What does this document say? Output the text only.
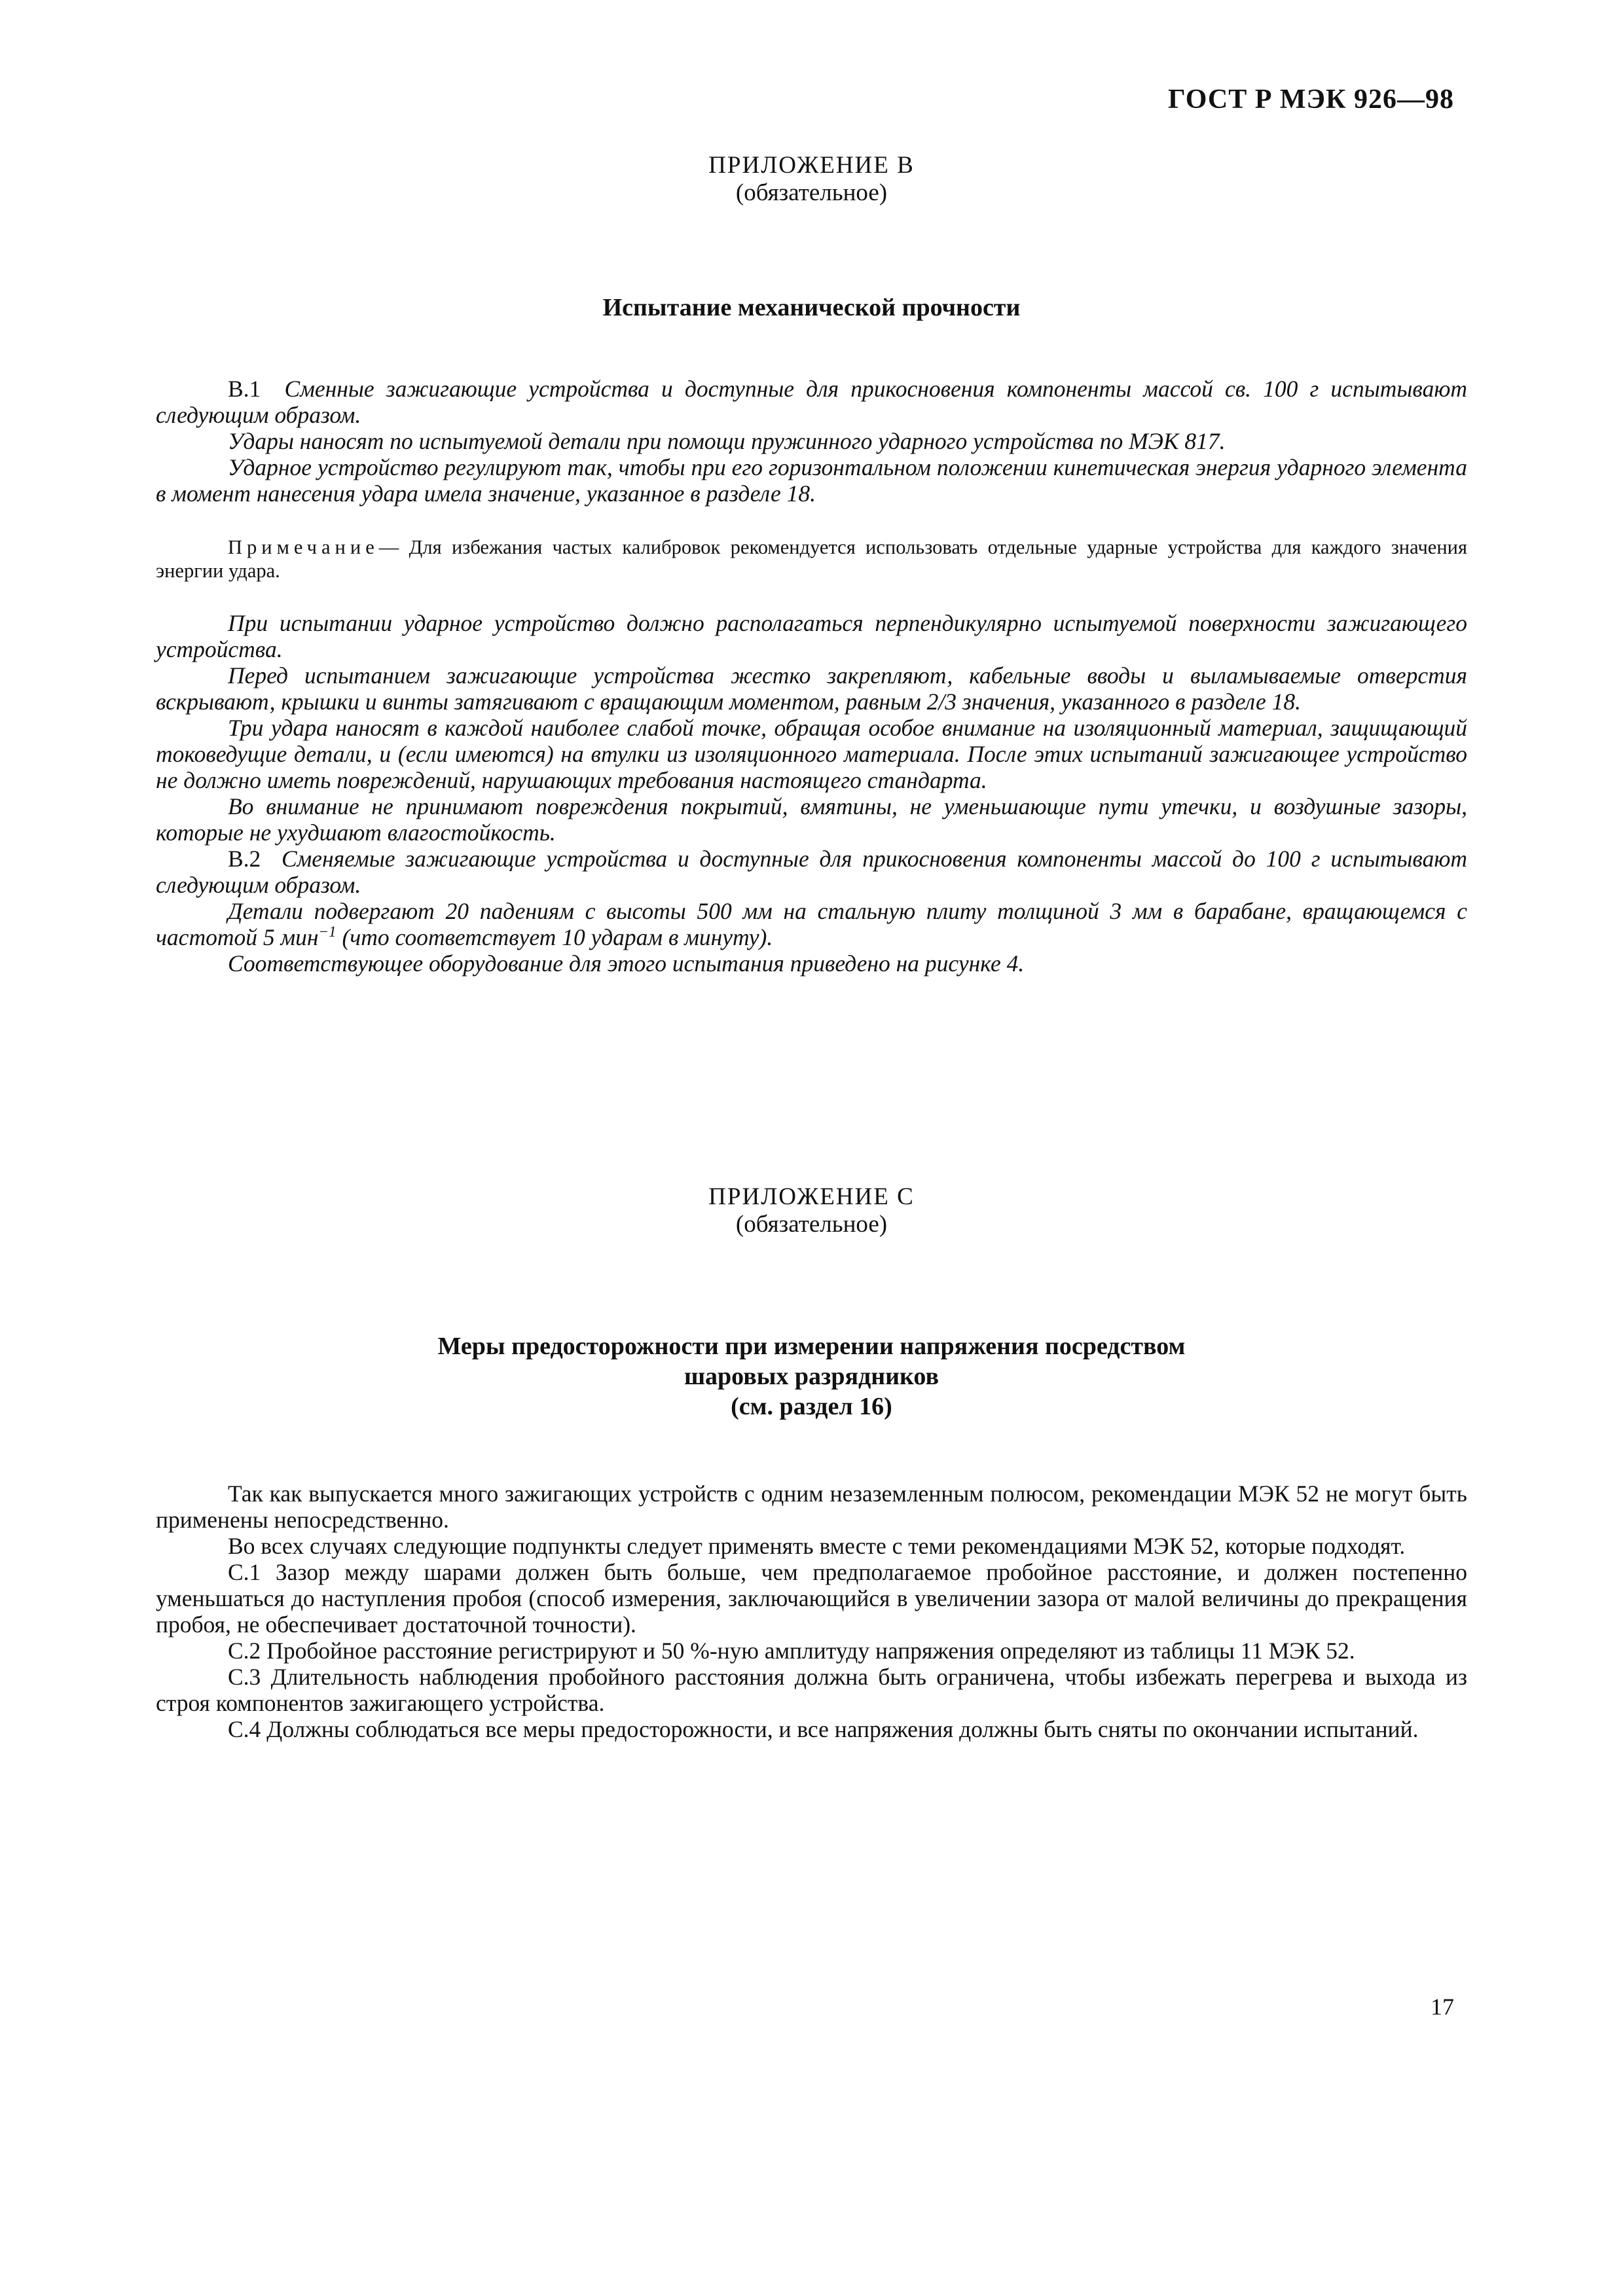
ГОСТ Р МЭК 926—98
ПРИЛОЖЕНИЕ В
(обязательное)
Испытание механической прочности

В.1 Сменные зажигающие устройства и доступные для прикосновения компоненты массой св. 100 г испытывают следующим образом.

Удары наносят по испытуемой детали при помощи пружинного ударного устройства по МЭК 817.

Ударное устройство регулируют так, чтобы при его горизонтальном положении кинетическая энергия ударного элемента в момент нанесения удара имела значение, указанное в разделе 18.

Примечание— Для избежания частых калибровок рекомендуется использовать отдельные ударные устройства для каждого значения энергии удара.

При испытании ударное устройство должно располагаться перпендикулярно испытуемой поверхности зажигающего устройства.

Перед испытанием зажигающие устройства жестко закрепляют, кабельные вводы и выламываемые отверстия вскрывают, крышки и винты затягивают с вращающим моментом, равным 2/3 значения, указанного в разделе 18.

Три удара наносят в каждой наиболее слабой точке, обращая особое внимание на изоляционный материал, защищающий токоведущие детали, и (если имеются) на втулки из изоляционного материала. После этих испытаний зажигающее устройство не должно иметь повреждений, нарушающих требования настоящего стандарта.

Во внимание не принимают повреждения покрытий, вмятины, не уменьшающие пути утечки, и воздушные зазоры, которые не ухудшают влагостойкость.

В.2 Сменяемые зажигающие устройства и доступные для прикосновения компоненты массой до 100 г испытывают следующим образом.

Детали подвергают 20 падениям с высоты 500 мм на стальную плиту толщиной 3 мм в барабане, вращающемся с частотой 5 мин$^{-1}$ (что соответствует 10 ударам в минуту).

Соответствующее оборудование для этого испытания приведено на рисунке 4.

ПРИЛОЖЕНИЕ С
(обязательное)
Меры предосторожности при измерении напряжения посредством
шаровых разрядников
(см. раздел 16)

Так как выпускается много зажигающих устройств с одним незаземленным полюсом, рекомендации МЭК 52 не могут быть применены непосредственно.

Во всех случаях следующие подпункты следует применять вместе с теми рекомендациями МЭК 52, которые подходят.

С.1 Зазор между шарами должен быть больше, чем предполагаемое пробойное расстояние, и должен постепенно уменьшаться до наступления пробоя (способ измерения, заключающийся в увеличении зазора от малой величины до прекращения пробоя, не обеспечивает достаточной точности).

С.2 Пробойное расстояние регистрируют и 50 %-ную амплитуду напряжения определяют из таблицы 11 МЭК 52.

С.3 Длительность наблюдения пробойного расстояния должна быть ограничена, чтобы избежать перегрева и выхода из строя компонентов зажигающего устройства.

С.4 Должны соблюдаться все меры предосторожности, и все напряжения должны быть сняты по окончании испытаний.

17
